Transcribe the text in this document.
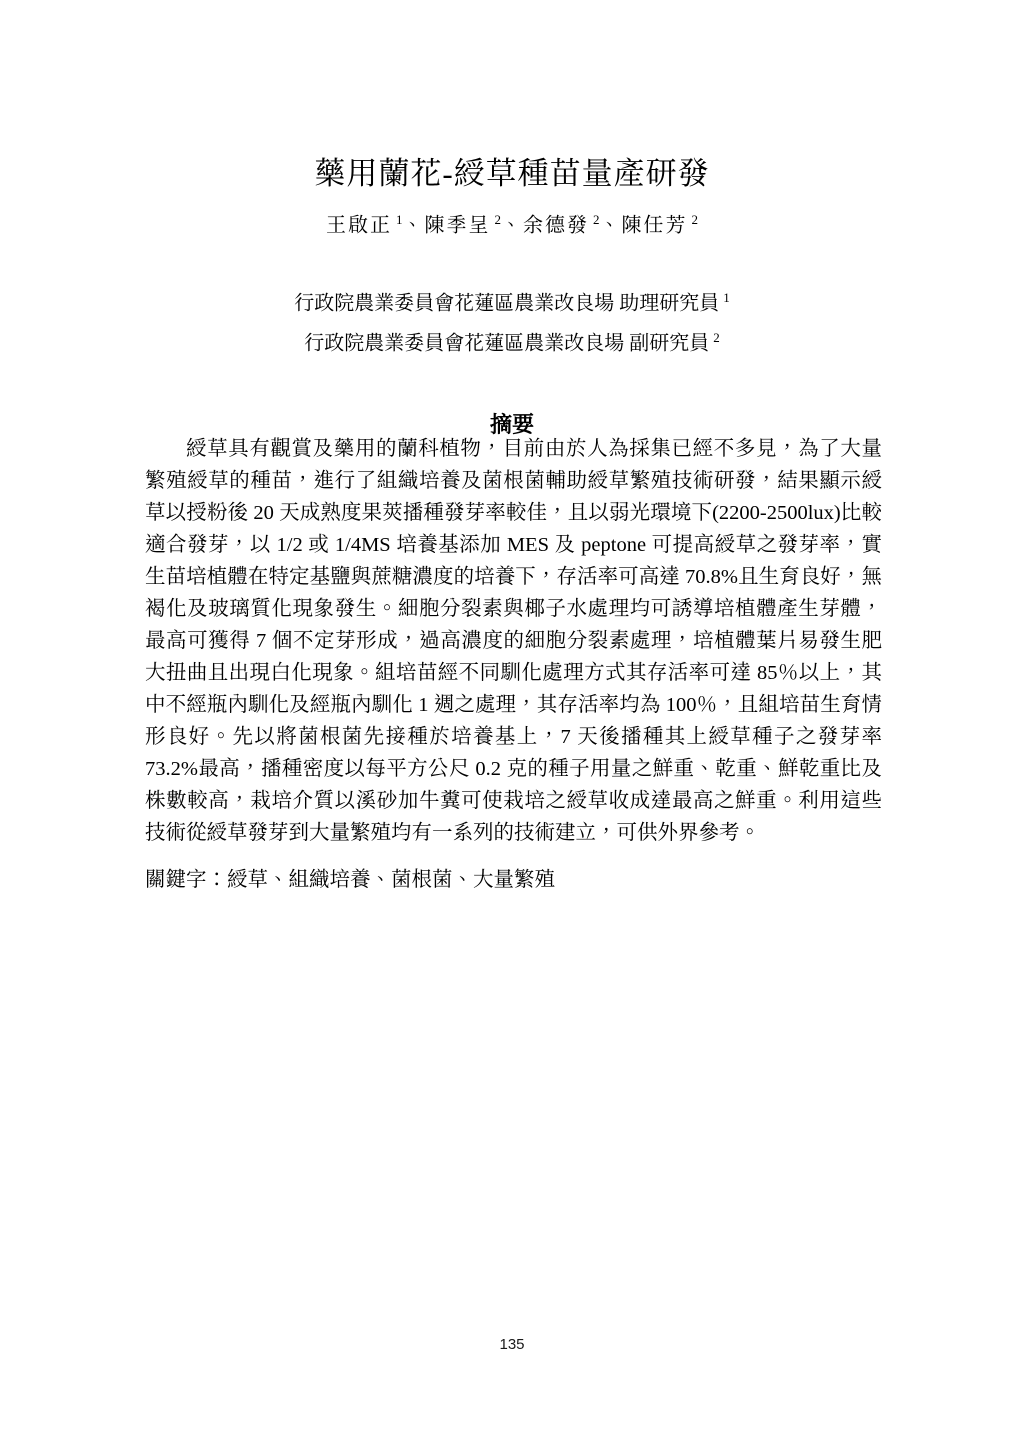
藥用蘭花-綬草種苗量產研發
王啟正 $^1$、陳季呈 $^2$、余德發 $^2$、陳任芳 $^2$
行政院農業委員會花蓮區農業改良場 助理研究員 $^1$
行政院農業委員會花蓮區農業改良場 副研究員 $^2$
摘要

綬草具有觀賞及藥用的蘭科植物，目前由於人為採集已經不多見，為了大量繁殖綬草的種苗，進行了組織培養及菌根菌輔助綬草繁殖技術研發，結果顯示綬草以授粉後 20 天成熟度果莢播種發芽率較佳，且以弱光環境下(2200-2500lux)比較適合發芽，以 1/2 或 1/4MS 培養基添加 MES 及 peptone 可提高綬草之發芽率，實生苗培植體在特定基鹽與蔗糖濃度的培養下，存活率可高達 70.8%且生育良好，無褐化及玻璃質化現象發生。細胞分裂素與椰子水處理均可誘導培植體產生芽體，最高可獲得 7 個不定芽形成，過高濃度的細胞分裂素處理，培植體葉片易發生肥大扭曲且出現白化現象。組培苗經不同馴化處理方式其存活率可達 85％以上，其中不經瓶內馴化及經瓶內馴化 1 週之處理，其存活率均為 100％，且組培苗生育情形良好。先以將菌根菌先接種於培養基上，7 天後播種其上綬草種子之發芽率 73.2%最高，播種密度以每平方公尺 0.2 克的種子用量之鮮重、乾重、鮮乾重比及株數較高，栽培介質以溪砂加牛糞可使栽培之綬草收成達最高之鮮重。利用這些技術從綬草發芽到大量繁殖均有一系列的技術建立，可供外界參考。

關鍵字：綬草、組織培養、菌根菌、大量繁殖
135
